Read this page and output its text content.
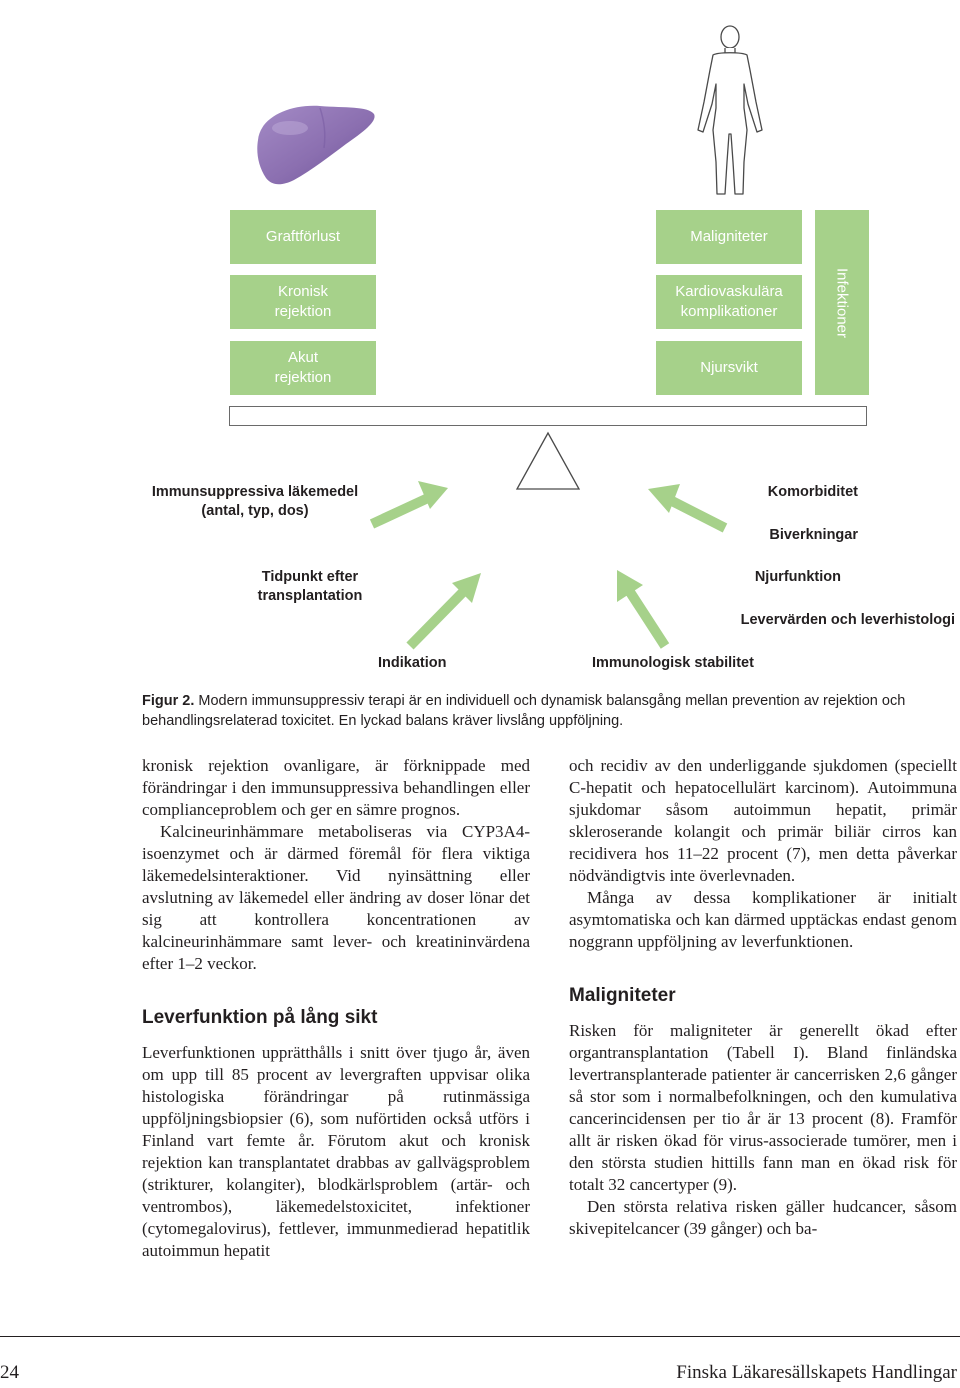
Graftförlust
Kronisk
rejektion
Akut
rejektion
Maligniteter
Kardiovaskulära
komplikationer
Njursvikt
Infektioner
Immunsuppressiva läkemedel
(antal, typ, dos)
Tidpunkt efter
transplantation
Indikation
Komorbiditet
Biverkningar
Njurfunktion
Levervärden och leverhistologi
Immunologisk stabilitet
Figur 2. Modern immunsuppressiv terapi är en individuell och dynamisk balansgång mellan prevention av rejektion och behandlingsrelaterad toxicitet. En lyckad balans kräver livslång uppföljning.

kronisk rejektion ovanligare, är förknippade med förändringar i den immunsuppressiva behandlingen eller complianceproblem och ger en sämre prognos.

Kalcineurinhämmare metaboliseras via CYP3A4-isoenzymet och är därmed föremål för flera viktiga läkemedelsinteraktioner. Vid nyinsättning eller avslutning av läkemedel eller ändring av doser lönar det sig att kontrollera koncentrationen av kalcineurinhämmare samt lever- och kreatininvärdena efter 1–2 veckor.

Leverfunktion på lång sikt

Leverfunktionen upprätthålls i snitt över tjugo år, även om upp till 85 procent av levergraften uppvisar olika histologiska förändringar på rutinmässiga uppföljningsbiopsier (6), som nuförtiden också utförs i Finland vart femte år. Förutom akut och kronisk rejektion kan transplantatet drabbas av gallvägsproblem (strikturer, kolangiter), blodkärlsproblem (artär- och ventrombos), läkemedelstoxicitet, infektioner (cytomegalovirus), fettlever, immunmedierad hepatitlik autoimmun hepatit

och recidiv av den underliggande sjukdomen (speciellt C-hepatit och hepatocellulärt karcinom). Autoimmuna sjukdomar såsom autoimmun hepatit, primär skleroserande kolangit och primär biliär cirros kan recidivera hos 11–22 procent (7), men detta påverkar nödvändigtvis inte överlevnaden.

Många av dessa komplikationer är initialt asymtomatiska och kan därmed upptäckas endast genom noggrann uppföljning av leverfunktionen.

Maligniteter

Risken för maligniteter är generellt ökad efter organtransplantation (Tabell I). Bland finländska levertransplanterade patienter är cancerrisken 2,6 gånger så stor som i normalbefolkningen, och den kumulativa cancerincidensen per tio år är 13 procent (8). Framför allt är risken ökad för virus-associerade tumörer, men i den största studien hittills fann man en ökad risk för totalt 32 cancertyper (9).

Den största relativa risken gäller hudcancer, såsom skivepitelcancer (39 gånger) och ba-

24	Finska Läkaresällskapets Handlingar
